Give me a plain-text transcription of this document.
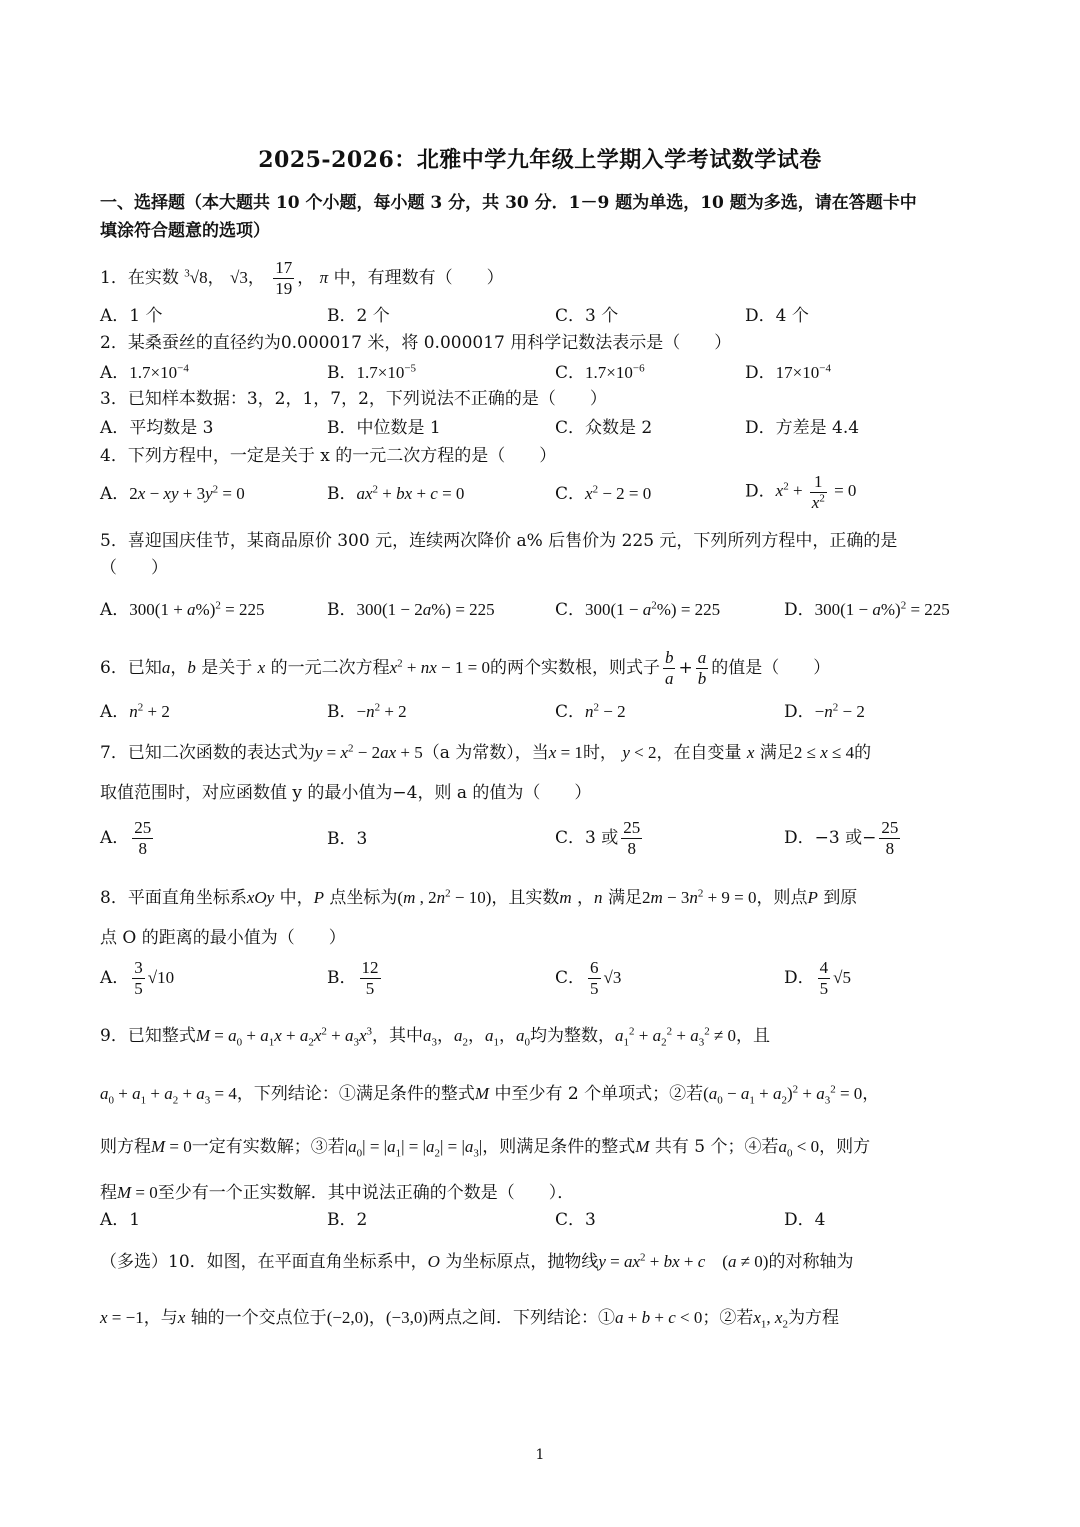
2025-2026：北雅中学九年级上学期入学考试数学试卷
一、选择题（本大题共 10 个小题，每小题 3 分，共 30 分．1－9 题为单选，10 题为多选，请在答题卡中
填涂符合题意的选项）
1．在实数 $^3$√8， √3， $\frac{17}{19}$ ， π 中，有理数有（　　）
A．1 个	B．2 个	C．3 个	D．4 个
2．某桑蚕丝的直径约为0.000017 米，将 0.000017 用科学记数法表示是（　　）
A．$1.7\times 10^{-4}$	B．$1.7\times 10^{-5}$	C．$1.7\times 10^{-6}$	D．$17\times 10^{-4}$
3．已知样本数据：3，2，1，7，2，下列说法不正确的是（　　）
A．平均数是 3	B．中位数是 1	C．众数是 2	D．方差是 4.4
4．下列方程中，一定是关于 x 的一元二次方程的是（　　）
A．2x − xy + $3y^2 = 0$	B．$ax^2$ + bx + c = 0	C．$x^2 - 2 = 0$	D．$x^2 + \frac{1}{x^2} = 0$
5．喜迎国庆佳节，某商品原价 300 元，连续两次降价 a% 后售价为 225 元，下列所列方程中，正确的是
（　　）
A．$300(1 + a\%)^2 = 225$	B．300(1 − 2a%) = 225	C．$300(1 - a^2\%) = 225$	D．$300(1 - a\%)^2 = 225$
6．已知a，b 是关于 x 的一元二次方程$x^2$ + nx − 1 = 0的两个实数根，则式子 $\frac{b}{a} + \frac{a}{b}$ 的值是（　　）
A．$n^2 + 2$	B．$-n^2 + 2$	C．$n^2 - 2$	D．$-n^2 - 2$
7．已知二次函数的表达式为$y = x^2 - 2ax + 5(a$ 为常数），当x = 1时， y < 2，在自变量 x 满足2 ≤ x ≤ 4的
取值范围时，对应函数值 y 的最小值为−4，则 a 的值为（　　）
A． $\frac{25}{8}$	B．3	C．3 或 $\frac{25}{8}$	D．−3 或− $\frac{25}{8}$
8．平面直角坐标系xOy 中，P 点坐标为(m , $2n^2 - 10$)，且实数m ，n 满足$2m - 3n^2 + 9 = 0$，则点P 到原
点 O 的距离的最小值为（　　）
A． $\frac{3}{5} √10$	B． $\frac{12}{5}$	C． $\frac{6}{5} √3$	D． $\frac{4}{5} √5$
9．已知整式$M = a_0 + a_1x + a_2x^2 + a_3x^3$，其中$a_3$，$a_2$，$a_1$，$a_0$均为整数，$a_1^2 + a_2^2 + a_3^2 \ne 0$，且
$a_0 + a_1 + a_2 + a_3 = 4$，下列结论：①满足条件的整式M 中至少有 2 个单项式；②若$(a_0 - a_1 + a_2)^2 + a_3^2 = 0$，
则方程M = 0一定有实数解；③若$|a_0| = |a_1| = |a_2| = |a_3|$，则满足条件的整式M 共有 5 个；④若$a_0 < 0$，则方
程M = 0至少有一个正实数解．其中说法正确的个数是（　　）．
A．1	B．2	C．3	D．4
（多选）10．如图，在平面直角坐标系中，O 为坐标原点，抛物线$y = ax^2$ + bx + c　 (a ≠ 0)的对称轴为
x = −1，与x 轴的一个交点位于(−2,0)，(−3,0)两点之间．下列结论：①a + b + c < 0；②若$x_1$, $x_2$为方程
1
